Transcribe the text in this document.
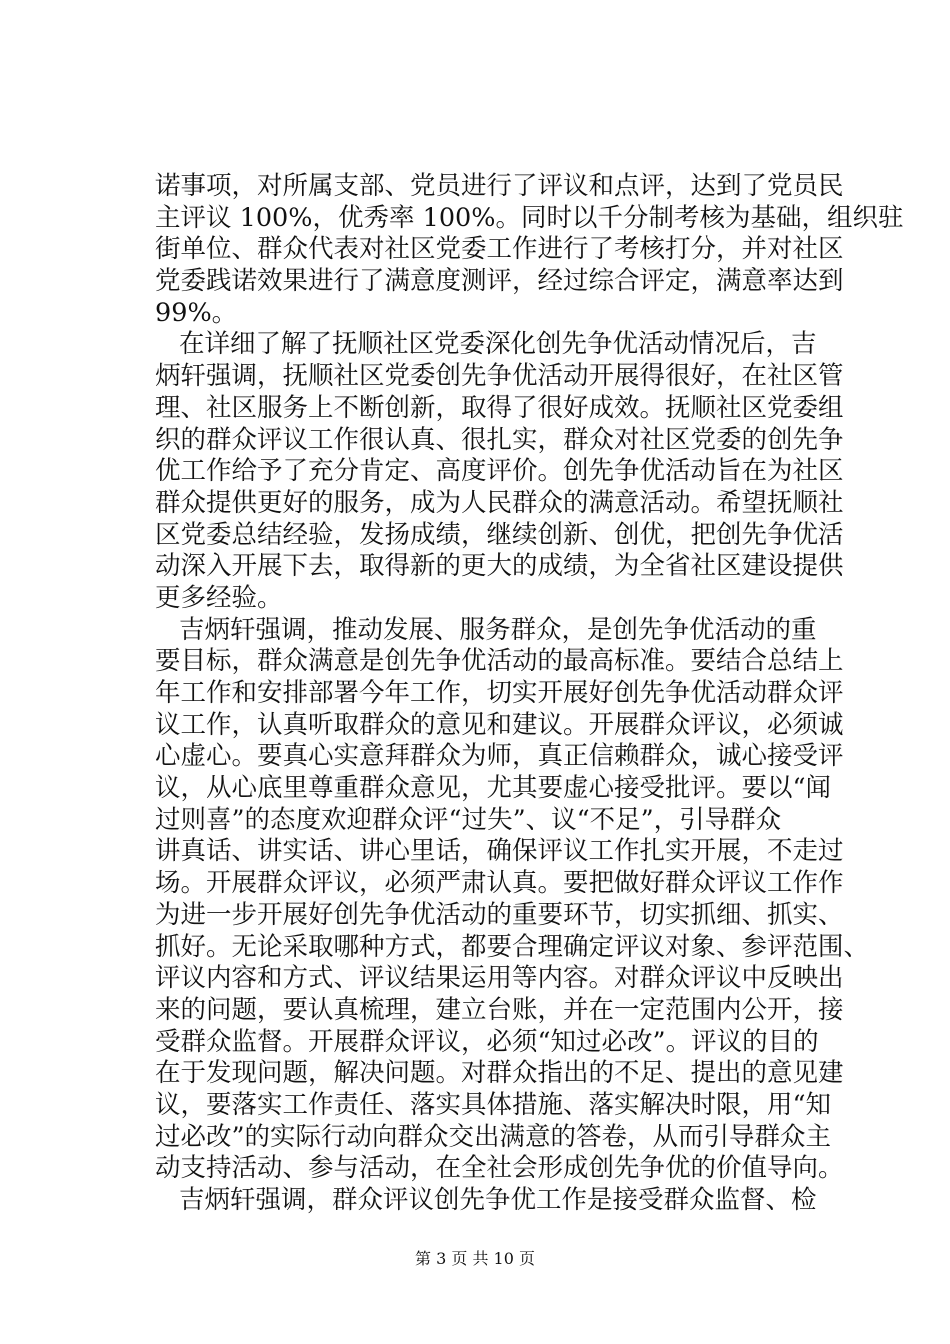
诺事项，对所属支部、党员进行了评议和点评，达到了党员民
主评议 100%，优秀率 100%。同时以千分制考核为基础，组织驻
街单位、群众代表对社区党委工作进行了考核打分，并对社区
党委践诺效果进行了满意度测评，经过综合评定，满意率达到
99%。
在详细了解了抚顺社区党委深化创先争优活动情况后，吉
炳轩强调，抚顺社区党委创先争优活动开展得很好，在社区管
理、社区服务上不断创新，取得了很好成效。抚顺社区党委组
织的群众评议工作很认真、很扎实，群众对社区党委的创先争
优工作给予了充分肯定、高度评价。创先争优活动旨在为社区
群众提供更好的服务，成为人民群众的满意活动。希望抚顺社
区党委总结经验，发扬成绩，继续创新、创优，把创先争优活
动深入开展下去，取得新的更大的成绩，为全省社区建设提供
更多经验。
吉炳轩强调，推动发展、服务群众，是创先争优活动的重
要目标，群众满意是创先争优活动的最高标准。要结合总结上
年工作和安排部署今年工作，切实开展好创先争优活动群众评
议工作，认真听取群众的意见和建议。开展群众评议，必须诚
心虚心。要真心实意拜群众为师，真正信赖群众，诚心接受评
议，从心底里尊重群众意见，尤其要虚心接受批评。要以“闻
过则喜”的态度欢迎群众评“过失”、议“不足”，引导群众
讲真话、讲实话、讲心里话，确保评议工作扎实开展，不走过
场。开展群众评议，必须严肃认真。要把做好群众评议工作作
为进一步开展好创先争优活动的重要环节，切实抓细、抓实、
抓好。无论采取哪种方式，都要合理确定评议对象、参评范围、
评议内容和方式、评议结果运用等内容。对群众评议中反映出
来的问题，要认真梳理，建立台账，并在一定范围内公开，接
受群众监督。开展群众评议，必须“知过必改”。评议的目的
在于发现问题，解决问题。对群众指出的不足、提出的意见建
议，要落实工作责任、落实具体措施、落实解决时限，用“知
过必改”的实际行动向群众交出满意的答卷，从而引导群众主
动支持活动、参与活动，在全社会形成创先争优的价值导向。
吉炳轩强调，群众评议创先争优工作是接受群众监督、检
第 3 页 共 10 页
